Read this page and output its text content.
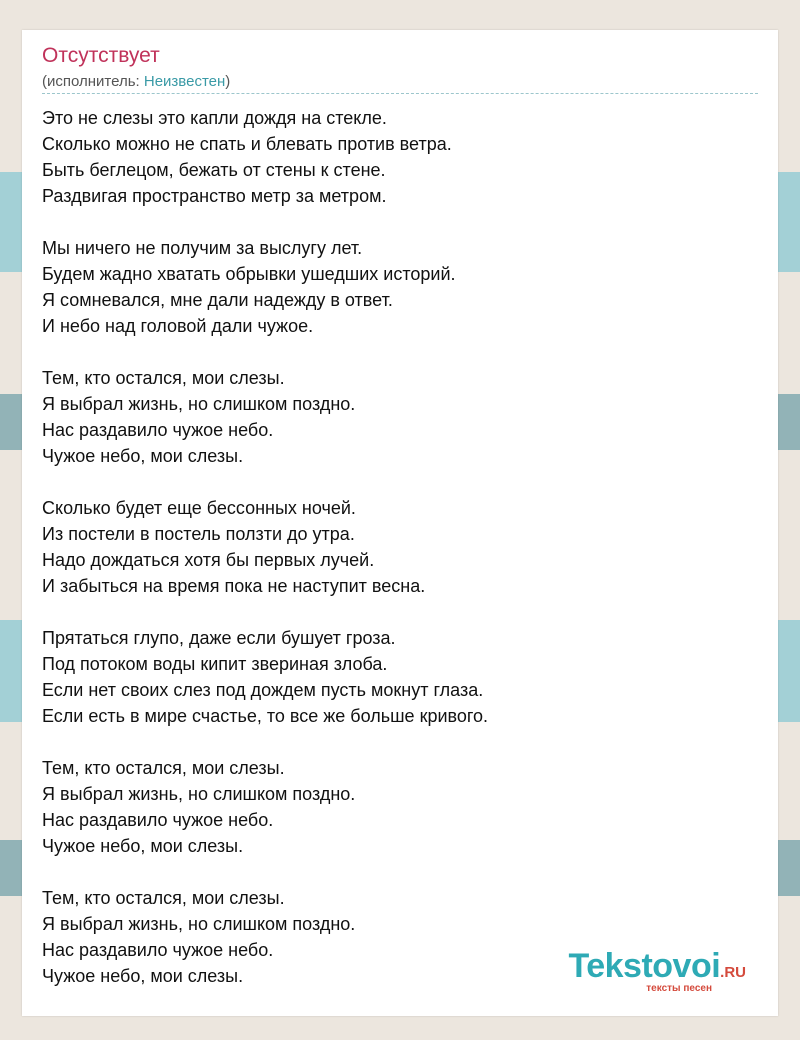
Отсутствует
(исполнитель: Неизвестен)
Это не слезы это капли дождя на стекле.
Сколько можно не спать и блевать против ветра.
Быть беглецом, бежать от стены к стене.
Раздвигая пространство метр за метром.
Мы ничего не получим за выслугу лет.
Будем жадно хватать обрывки ушедших историй.
Я сомневался, мне дали надежду в ответ.
И небо над головой дали чужое.
Тем, кто остался, мои слезы.
Я выбрал жизнь, но слишком поздно.
Нас раздавило чужое небо.
Чужое небо, мои слезы.
Сколько будет еще бессонных ночей.
Из постели в постель ползти до утра.
Надо дождаться хотя бы первых лучей.
И забыться на время пока не наступит весна.
Прятаться глупо, даже если бушует гроза.
Под потоком воды кипит звериная злоба.
Если нет своих слез под дождем пусть мокнут глаза.
Если есть в мире счастье, то все же больше кривого.
Тем, кто остался, мои слезы.
Я выбрал жизнь, но слишком поздно.
Нас раздавило чужое небо.
Чужое небо, мои слезы.
Тем, кто остался, мои слезы.
Я выбрал жизнь, но слишком поздно.
Нас раздавило чужое небо.
Чужое небо, мои слезы.	Tekstovoi.RU
тексты песен
